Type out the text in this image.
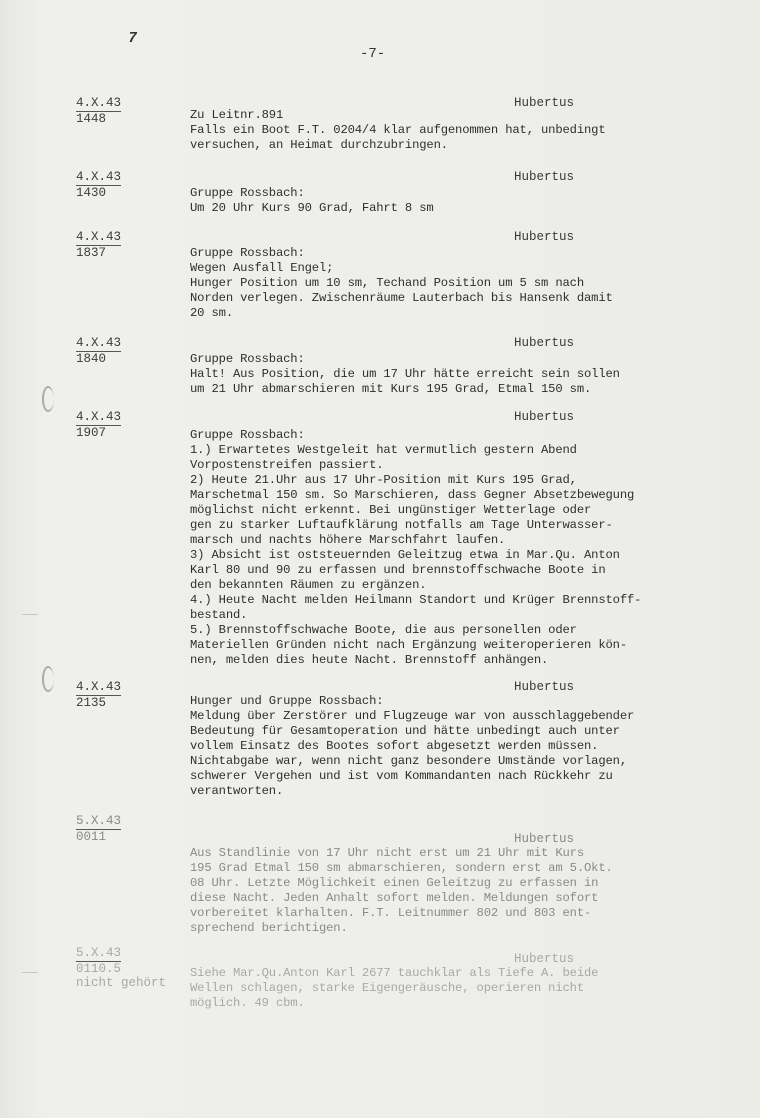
7
-7-
4.X.43
1448
Hubertus
Zu Leitnr.891
Falls ein Boot F.T. 0204/4 klar aufgenommen hat, unbedingt
versuchen, an Heimat durchzubringen.
4.X.43
1430
Hubertus
Gruppe Rossbach:
Um 20 Uhr Kurs 90 Grad, Fahrt 8 sm
4.X.43
1837
Hubertus
Gruppe Rossbach:
Wegen Ausfall Engel;
Hunger Position um 10 sm, Techand Position um 5 sm nach
Norden verlegen. Zwischenräume Lauterbach bis Hansenk damit
20 sm.
4.X.43
1840
Hubertus
Gruppe Rossbach:
Halt! Aus Position, die um 17 Uhr hätte erreicht sein sollen
um 21 Uhr abmarschieren mit Kurs 195 Grad, Etmal 150 sm.
4.X.43
1907
Hubertus
Gruppe Rossbach:
1.) Erwartetes Westgeleit hat vermutlich gestern Abend
Vorpostenstreifen passiert.
2) Heute 21.Uhr aus 17 Uhr-Position mit Kurs 195 Grad,
Marschetmal 150 sm. So Marschieren, dass Gegner Absetzbewegung
möglichst nicht erkennt. Bei ungünstiger Wetterlage oder
gen zu starker Luftaufklärung notfalls am Tage Unterwasser-
marsch und nachts höhere Marschfahrt laufen.
3) Absicht ist oststeuernden Geleitzug etwa in Mar.Qu. Anton
Karl 80 und 90 zu erfassen und brennstoffschwache Boote in
den bekannten Räumen zu ergänzen.
4.) Heute Nacht melden Heilmann Standort und Krüger Brennstoff-
bestand.
5.) Brennstoffschwache Boote, die aus personellen oder
Materiellen Gründen nicht nach Ergänzung weiteroperieren kön-
nen, melden dies heute Nacht. Brennstoff anhängen.
4.X.43
2135
Hubertus
Hunger und Gruppe Rossbach:
Meldung über Zerstörer und Flugzeuge war von ausschlaggebender
Bedeutung für Gesamtoperation und hätte unbedingt auch unter
vollem Einsatz des Bootes sofort abgesetzt werden müssen.
Nichtabgabe war, wenn nicht ganz besondere Umstände vorlagen,
schwerer Vergehen und ist vom Kommandanten nach Rückkehr zu
verantworten.
5.X.43
0011	Hubertus
Aus Standlinie von 17 Uhr nicht erst um 21 Uhr mit Kurs
195 Grad Etmal 150 sm abmarschieren, sondern erst am 5.Okt.
08 Uhr. Letzte Möglichkeit einen Geleitzug zu erfassen in
diese Nacht. Jeden Anhalt sofort melden. Meldungen sofort
vorbereitet klarhalten. F.T. Leitnummer 802 und 803 ent-
sprechend berichtigen.
5.X.43
0110.5
nicht gehört
Hubertus
Siehe Mar.Qu.Anton Karl 2677 tauchklar als Tiefe A. beide
Wellen schlagen, starke Eigengeräusche, operieren nicht
möglich. 49 cbm.
